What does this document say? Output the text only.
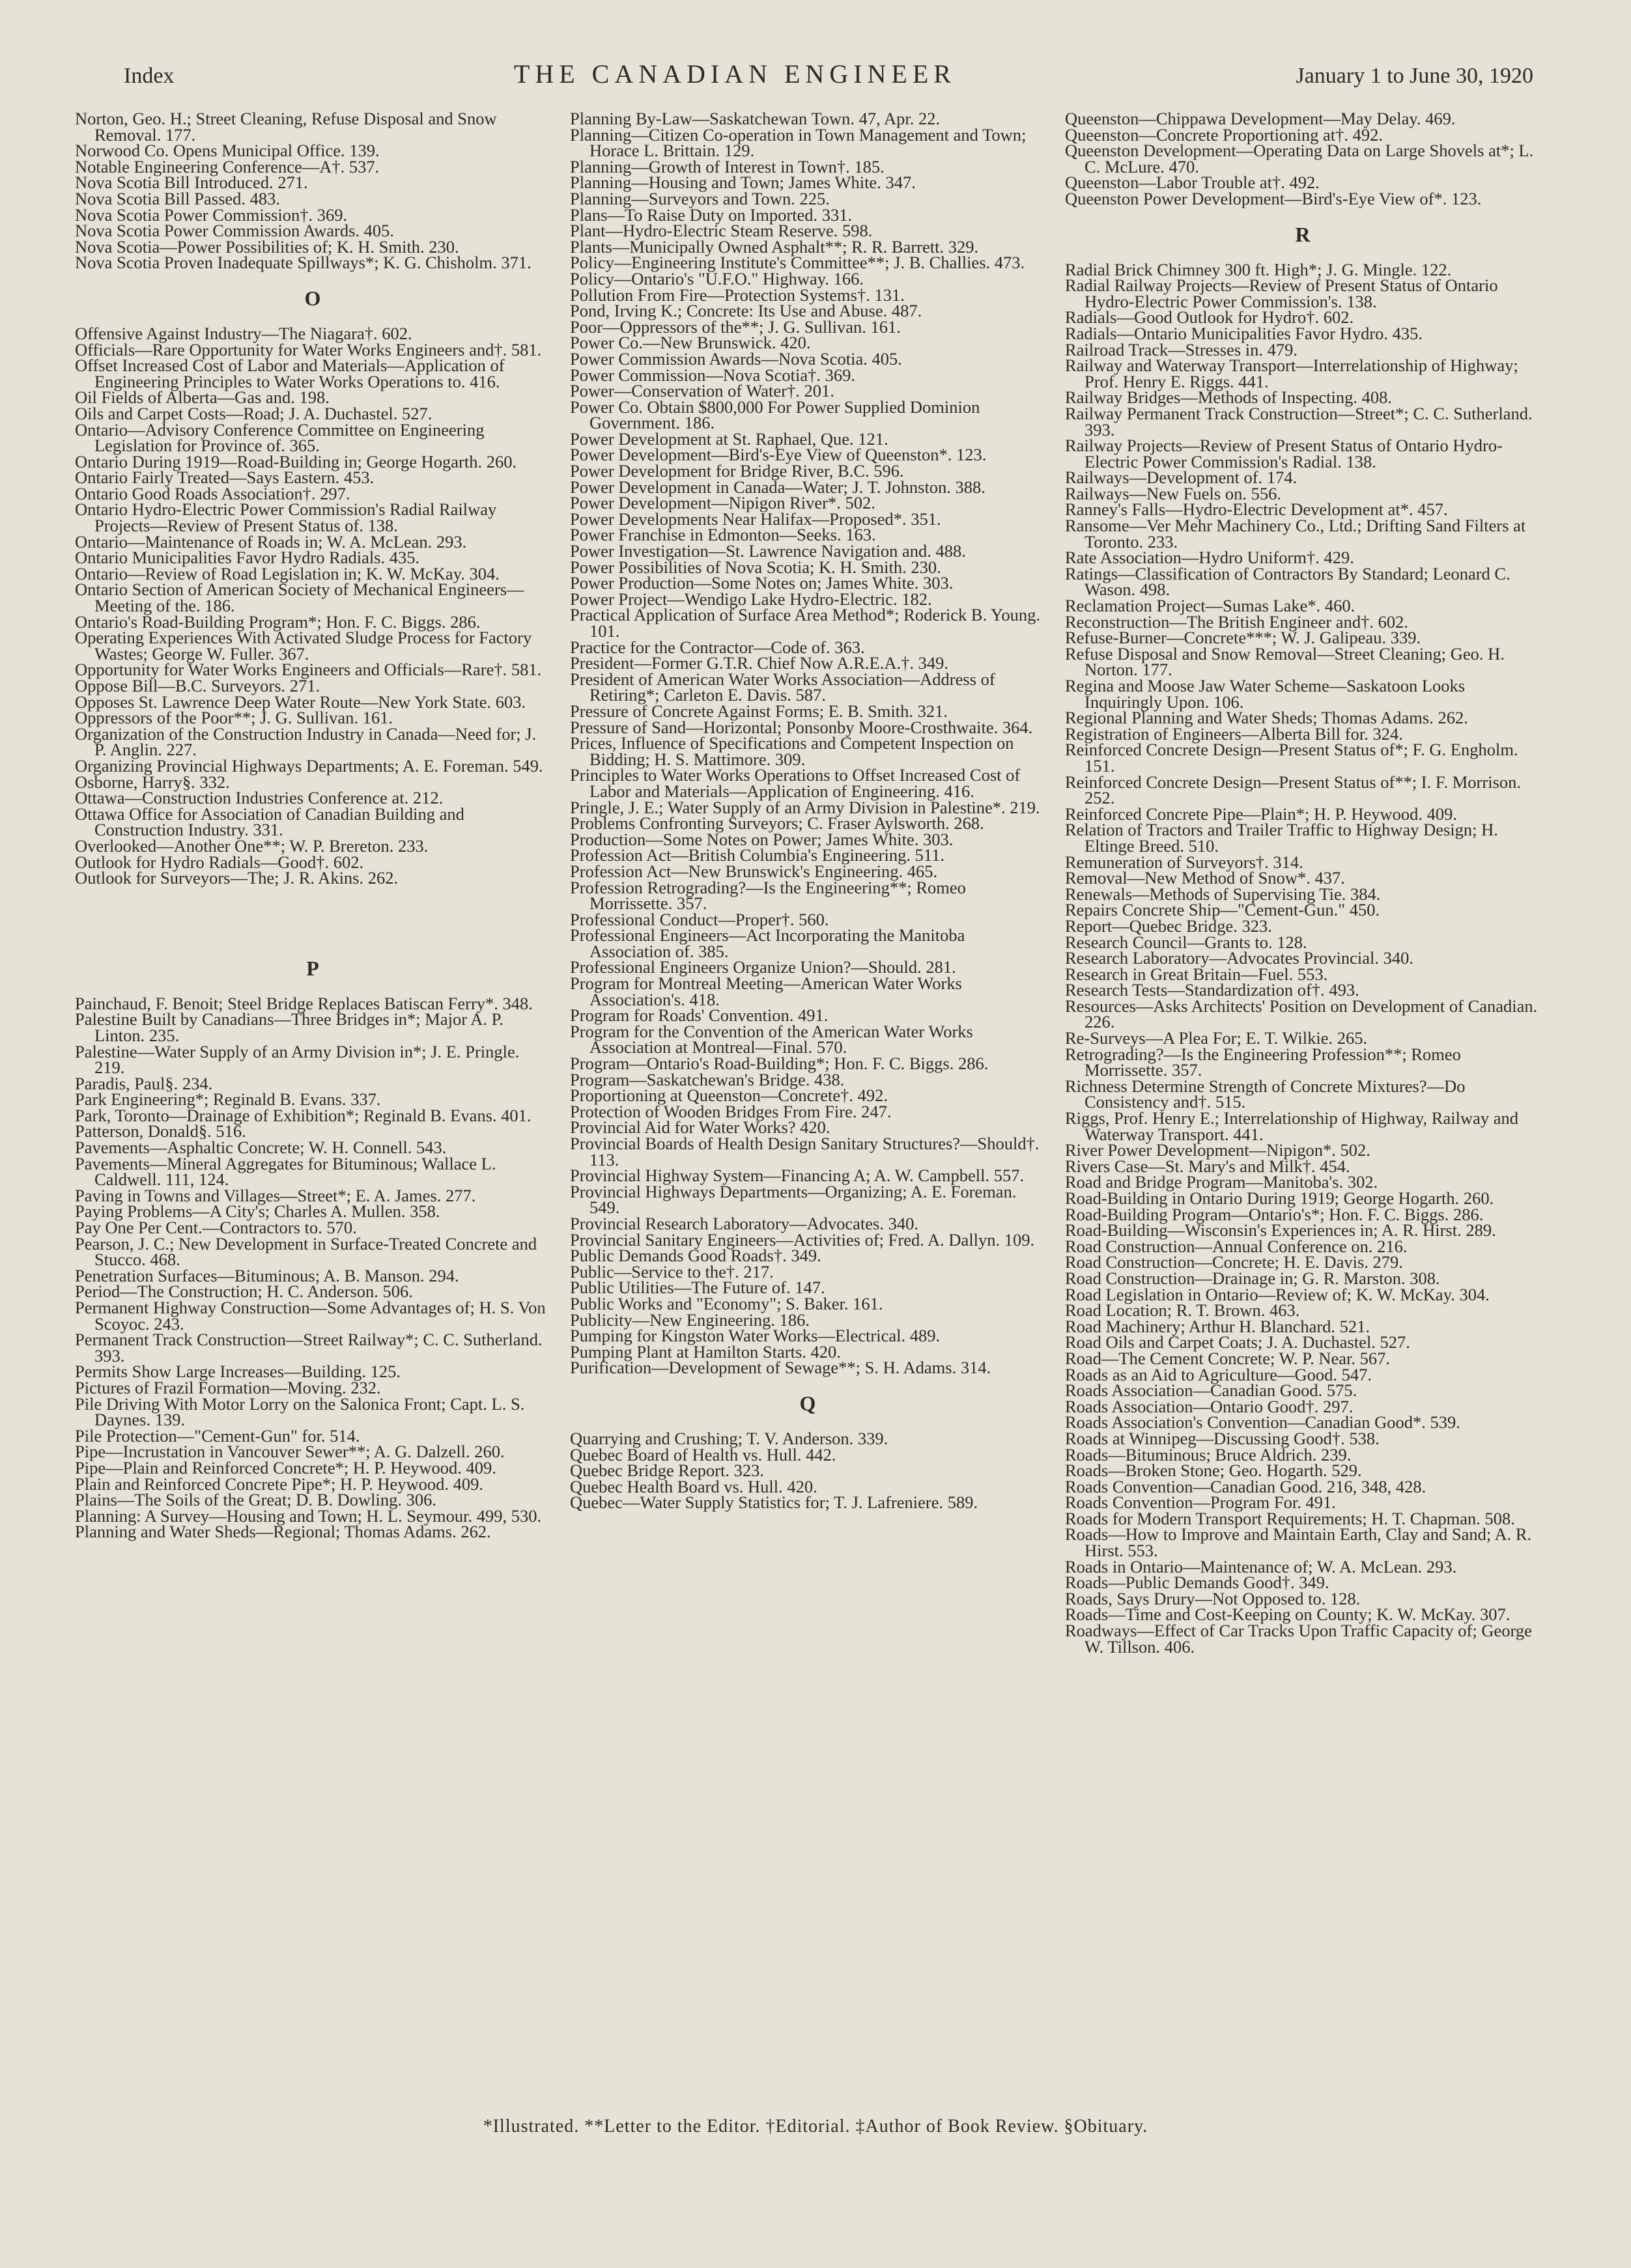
Index	THE CANADIAN ENGINEER	January 1 to June 30, 1920

Norton, Geo. H.; Street Cleaning, Refuse Disposal and Snow Removal. 177.

Norwood Co. Opens Municipal Office. 139.

Notable Engineering Conference—A†. 537.

Nova Scotia Bill Introduced. 271.

Nova Scotia Bill Passed. 483.

Nova Scotia Power Commission†. 369.

Nova Scotia Power Commission Awards. 405.

Nova Scotia—Power Possibilities of; K. H. Smith. 230.

Nova Scotia Proven Inadequate Spillways*; K. G. Chisholm. 371.

O

Offensive Against Industry—The Niagara†. 602.

Officials—Rare Opportunity for Water Works Engineers and†. 581.

Offset Increased Cost of Labor and Materials—Application of Engineering Principles to Water Works Operations to. 416.

Oil Fields of Alberta—Gas and. 198.

Oils and Carpet Costs—Road; J. A. Duchastel. 527.

Ontario—Advisory Conference Committee on Engineering Legislation for Province of. 365.

Ontario During 1919—Road-Building in; George Hogarth. 260.

Ontario Fairly Treated—Says Eastern. 453.

Ontario Good Roads Association†. 297.

Ontario Hydro-Electric Power Commission's Radial Railway Projects—Review of Present Status of. 138.

Ontario—Maintenance of Roads in; W. A. McLean. 293.

Ontario Municipalities Favor Hydro Radials. 435.

Ontario—Review of Road Legislation in; K. W. McKay. 304.

Ontario Section of American Society of Mechanical Engineers—Meeting of the. 186.

Ontario's Road-Building Program*; Hon. F. C. Biggs. 286.

Operating Experiences With Activated Sludge Process for Factory Wastes; George W. Fuller. 367.

Opportunity for Water Works Engineers and Officials—Rare†. 581.

Oppose Bill—B.C. Surveyors. 271.

Opposes St. Lawrence Deep Water Route—New York State. 603.

Oppressors of the Poor**; J. G. Sullivan. 161.

Organization of the Construction Industry in Canada—Need for; J. P. Anglin. 227.

Organizing Provincial Highways Departments; A. E. Foreman. 549.

Osborne, Harry§. 332.

Ottawa—Construction Industries Conference at. 212.

Ottawa Office for Association of Canadian Building and Construction Industry. 331.

Overlooked—Another One**; W. P. Brereton. 233.

Outlook for Hydro Radials—Good†. 602.

Outlook for Surveyors—The; J. R. Akins. 262.

P

Painchaud, F. Benoit; Steel Bridge Replaces Batiscan Ferry*. 348.

Palestine Built by Canadians—Three Bridges in*; Major A. P. Linton. 235.

Palestine—Water Supply of an Army Division in*; J. E. Pringle. 219.

Paradis, Paul§. 234.

Park Engineering*; Reginald B. Evans. 337.

Park, Toronto—Drainage of Exhibition*; Reginald B. Evans. 401.

Patterson, Donald§. 516.

Pavements—Asphaltic Concrete; W. H. Connell. 543.

Pavements—Mineral Aggregates for Bituminous; Wallace L. Caldwell. 111, 124.

Paving in Towns and Villages—Street*; E. A. James. 277.

Paying Problems—A City's; Charles A. Mullen. 358.

Pay One Per Cent.—Contractors to. 570.

Pearson, J. C.; New Development in Surface-Treated Concrete and Stucco. 468.

Penetration Surfaces—Bituminous; A. B. Manson. 294.

Period—The Construction; H. C. Anderson. 506.

Permanent Highway Construction—Some Advantages of; H. S. Von Scoyoc. 243.

Permanent Track Construction—Street Railway*; C. C. Sutherland. 393.

Permits Show Large Increases—Building. 125.

Pictures of Frazil Formation—Moving. 232.

Pile Driving With Motor Lorry on the Salonica Front; Capt. L. S. Daynes. 139.

Pile Protection—"Cement-Gun" for. 514.

Pipe—Incrustation in Vancouver Sewer**; A. G. Dalzell. 260.

Pipe—Plain and Reinforced Concrete*; H. P. Heywood. 409.

Plain and Reinforced Concrete Pipe*; H. P. Heywood. 409.

Plains—The Soils of the Great; D. B. Dowling. 306.

Planning: A Survey—Housing and Town; H. L. Seymour. 499, 530.

Planning and Water Sheds—Regional; Thomas Adams. 262.

Planning By-Law—Saskatchewan Town. 47, Apr. 22.

Planning—Citizen Co-operation in Town Management and Town; Horace L. Brittain. 129.

Planning—Growth of Interest in Town†. 185.

Planning—Housing and Town; James White. 347.

Planning—Surveyors and Town. 225.

Plans—To Raise Duty on Imported. 331.

Plant—Hydro-Electric Steam Reserve. 598.

Plants—Municipally Owned Asphalt**; R. R. Barrett. 329.

Policy—Engineering Institute's Committee**; J. B. Challies. 473.

Policy—Ontario's "U.F.O." Highway. 166.

Pollution From Fire—Protection Systems†. 131.

Pond, Irving K.; Concrete: Its Use and Abuse. 487.

Poor—Oppressors of the**; J. G. Sullivan. 161.

Power Co.—New Brunswick. 420.

Power Commission Awards—Nova Scotia. 405.

Power Commission—Nova Scotia†. 369.

Power—Conservation of Water†. 201.

Power Co. Obtain $800,000 For Power Supplied Dominion Government. 186.

Power Development at St. Raphael, Que. 121.

Power Development—Bird's-Eye View of Queenston*. 123.

Power Development for Bridge River, B.C. 596.

Power Development in Canada—Water; J. T. Johnston. 388.

Power Development—Nipigon River*. 502.

Power Developments Near Halifax—Proposed*. 351.

Power Franchise in Edmonton—Seeks. 163.

Power Investigation—St. Lawrence Navigation and. 488.

Power Possibilities of Nova Scotia; K. H. Smith. 230.

Power Production—Some Notes on; James White. 303.

Power Project—Wendigo Lake Hydro-Electric. 182.

Practical Application of Surface Area Method*; Roderick B. Young. 101.

Practice for the Contractor—Code of. 363.

President—Former G.T.R. Chief Now A.R.E.A.†. 349.

President of American Water Works Association—Address of Retiring*; Carleton E. Davis. 587.

Pressure of Concrete Against Forms; E. B. Smith. 321.

Pressure of Sand—Horizontal; Ponsonby Moore-Crosthwaite. 364.

Prices, Influence of Specifications and Competent Inspection on Bidding; H. S. Mattimore. 309.

Principles to Water Works Operations to Offset Increased Cost of Labor and Materials—Application of Engineering. 416.

Pringle, J. E.; Water Supply of an Army Division in Palestine*. 219.

Problems Confronting Surveyors; C. Fraser Aylsworth. 268.

Production—Some Notes on Power; James White. 303.

Profession Act—British Columbia's Engineering. 511.

Profession Act—New Brunswick's Engineering. 465.

Profession Retrograding?—Is the Engineering**; Romeo Morrissette. 357.

Professional Conduct—Proper†. 560.

Professional Engineers—Act Incorporating the Manitoba Association of. 385.

Professional Engineers Organize Union?—Should. 281.

Program for Montreal Meeting—American Water Works Association's. 418.

Program for Roads' Convention. 491.

Program for the Convention of the American Water Works Association at Montreal—Final. 570.

Program—Ontario's Road-Building*; Hon. F. C. Biggs. 286.

Program—Saskatchewan's Bridge. 438.

Proportioning at Queenston—Concrete†. 492.

Protection of Wooden Bridges From Fire. 247.

Provincial Aid for Water Works? 420.

Provincial Boards of Health Design Sanitary Structures?—Should†. 113.

Provincial Highway System—Financing A; A. W. Campbell. 557.

Provincial Highways Departments—Organizing; A. E. Foreman. 549.

Provincial Research Laboratory—Advocates. 340.

Provincial Sanitary Engineers—Activities of; Fred. A. Dallyn. 109.

Public Demands Good Roads†. 349.

Public—Service to the†. 217.

Public Utilities—The Future of. 147.

Public Works and "Economy"; S. Baker. 161.

Publicity—New Engineering. 186.

Pumping for Kingston Water Works—Electrical. 489.

Pumping Plant at Hamilton Starts. 420.

Purification—Development of Sewage**; S. H. Adams. 314.

Q

Quarrying and Crushing; T. V. Anderson. 339.

Quebec Board of Health vs. Hull. 442.

Quebec Bridge Report. 323.

Quebec Health Board vs. Hull. 420.

Quebec—Water Supply Statistics for; T. J. Lafreniere. 589.

Queenston—Chippawa Development—May Delay. 469.

Queenston—Concrete Proportioning at†. 492.

Queenston Development—Operating Data on Large Shovels at*; L. C. McLure. 470.

Queenston—Labor Trouble at†. 492.

Queenston Power Development—Bird's-Eye View of*. 123.

R

Radial Brick Chimney 300 ft. High*; J. G. Mingle. 122.

Radial Railway Projects—Review of Present Status of Ontario Hydro-Electric Power Commission's. 138.

Radials—Good Outlook for Hydro†. 602.

Radials—Ontario Municipalities Favor Hydro. 435.

Railroad Track—Stresses in. 479.

Railway and Waterway Transport—Interrelationship of Highway; Prof. Henry E. Riggs. 441.

Railway Bridges—Methods of Inspecting. 408.

Railway Permanent Track Construction—Street*; C. C. Sutherland. 393.

Railway Projects—Review of Present Status of Ontario Hydro-Electric Power Commission's Radial. 138.

Railways—Development of. 174.

Railways—New Fuels on. 556.

Ranney's Falls—Hydro-Electric Development at*. 457.

Ransome—Ver Mehr Machinery Co., Ltd.; Drifting Sand Filters at Toronto. 233.

Rate Association—Hydro Uniform†. 429.

Ratings—Classification of Contractors By Standard; Leonard C. Wason. 498.

Reclamation Project—Sumas Lake*. 460.

Reconstruction—The British Engineer and†. 602.

Refuse-Burner—Concrete***; W. J. Galipeau. 339.

Refuse Disposal and Snow Removal—Street Cleaning; Geo. H. Norton. 177.

Regina and Moose Jaw Water Scheme—Saskatoon Looks Inquiringly Upon. 106.

Regional Planning and Water Sheds; Thomas Adams. 262.

Registration of Engineers—Alberta Bill for. 324.

Reinforced Concrete Design—Present Status of*; F. G. Engholm. 151.

Reinforced Concrete Design—Present Status of**; I. F. Morrison. 252.

Reinforced Concrete Pipe—Plain*; H. P. Heywood. 409.

Relation of Tractors and Trailer Traffic to Highway Design; H. Eltinge Breed. 510.

Remuneration of Surveyors†. 314.

Removal—New Method of Snow*. 437.

Renewals—Methods of Supervising Tie. 384.

Repairs Concrete Ship—"Cement-Gun." 450.

Report—Quebec Bridge. 323.

Research Council—Grants to. 128.

Research Laboratory—Advocates Provincial. 340.

Research in Great Britain—Fuel. 553.

Research Tests—Standardization of†. 493.

Resources—Asks Architects' Position on Development of Canadian. 226.

Re-Surveys—A Plea For; E. T. Wilkie. 265.

Retrograding?—Is the Engineering Profession**; Romeo Morrissette. 357.

Richness Determine Strength of Concrete Mixtures?—Do Consistency and†. 515.

Riggs, Prof. Henry E.; Interrelationship of Highway, Railway and Waterway Transport. 441.

River Power Development—Nipigon*. 502.

Rivers Case—St. Mary's and Milk†. 454.

Road and Bridge Program—Manitoba's. 302.

Road-Building in Ontario During 1919; George Hogarth. 260.

Road-Building Program—Ontario's*; Hon. F. C. Biggs. 286.

Road-Building—Wisconsin's Experiences in; A. R. Hirst. 289.

Road Construction—Annual Conference on. 216.

Road Construction—Concrete; H. E. Davis. 279.

Road Construction—Drainage in; G. R. Marston. 308.

Road Legislation in Ontario—Review of; K. W. McKay. 304.

Road Location; R. T. Brown. 463.

Road Machinery; Arthur H. Blanchard. 521.

Road Oils and Carpet Coats; J. A. Duchastel. 527.

Road—The Cement Concrete; W. P. Near. 567.

Roads as an Aid to Agriculture—Good. 547.

Roads Association—Canadian Good. 575.

Roads Association—Ontario Good†. 297.

Roads Association's Convention—Canadian Good*. 539.

Roads at Winnipeg—Discussing Good†. 538.

Roads—Bituminous; Bruce Aldrich. 239.

Roads—Broken Stone; Geo. Hogarth. 529.

Roads Convention—Canadian Good. 216, 348, 428.

Roads Convention—Program For. 491.

Roads for Modern Transport Requirements; H. T. Chapman. 508.

Roads—How to Improve and Maintain Earth, Clay and Sand; A. R. Hirst. 553.

Roads in Ontario—Maintenance of; W. A. McLean. 293.

Roads—Public Demands Good†. 349.

Roads, Says Drury—Not Opposed to. 128.

Roads—Time and Cost-Keeping on County; K. W. McKay. 307.

Roadways—Effect of Car Tracks Upon Traffic Capacity of; George W. Tillson. 406.

*Illustrated. **Letter to the Editor. †Editorial. ‡Author of Book Review. §Obituary.
